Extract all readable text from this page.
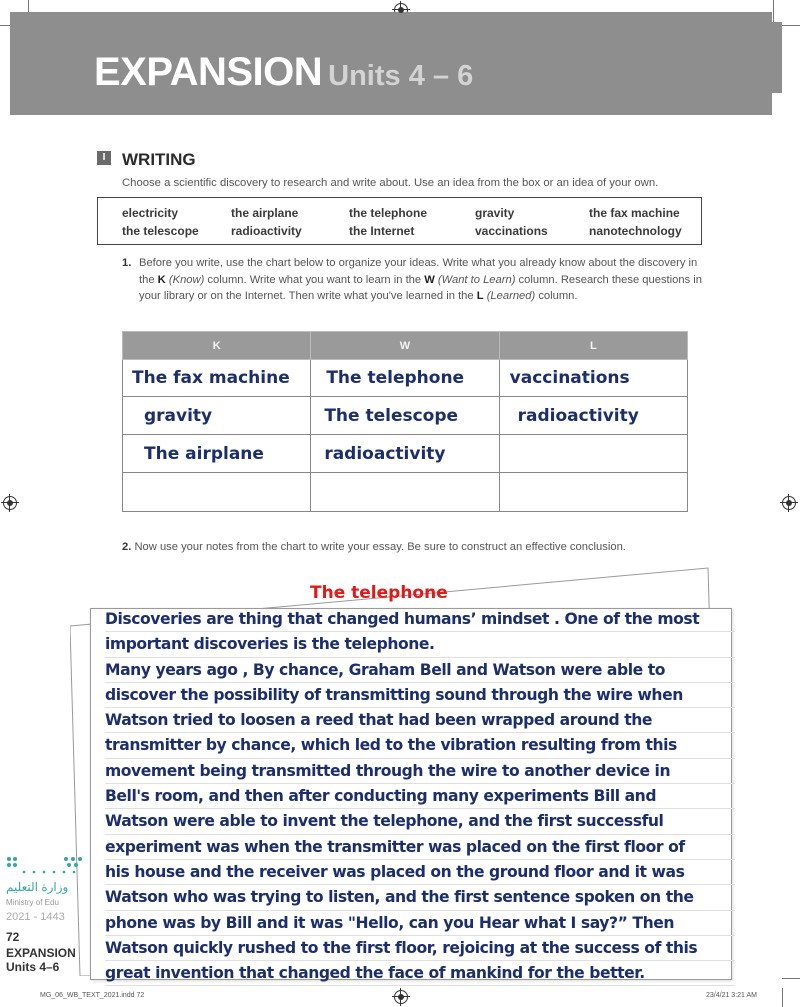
EXPANSION Units 4 – 6
I WRITING
Choose a scientific discovery to research and write about. Use an idea from the box or an idea of your own.
electricity	the airplane	the telephone	gravity	the fax machine
the telescope	radioactivity	the Internet	vaccinations	nanotechnology
1. Before you write, use the chart below to organize your ideas. Write what you already know about the discovery in the K (Know) column. Write what you want to learn in the W (Want to Learn) column. Research these questions in your library or on the Internet. Then write what you've learned in the L (Learned) column.
K	W	L
The fax machine	The telephone	vaccinations
gravity	The telescope	radioactivity
The airplane	radioactivity	

2. Now use your notes from the chart to write your essay. Be sure to construct an effective conclusion.
The telephone
Discoveries are thing that changed humans’ mindset . One of the most
important discoveries is the telephone.
Many years ago , By chance, Graham Bell and Watson were able to
discover the possibility of transmitting sound through the wire when
Watson tried to loosen a reed that had been wrapped around the
transmitter by chance, which led to the vibration resulting from this
movement being transmitted through the wire to another device in
Bell's room, and then after conducting many experiments Bill and
Watson were able to invent the telephone, and the first successful
experiment was when the transmitter was placed on the first floor of
his house and the receiver was placed on the ground floor and it was
Watson who was trying to listen, and the first sentence spoken on the
phone was by Bill and it was "Hello, can you Hear what I say?” Then
Watson quickly rushed to the first floor, rejoicing at the success of this
great invention that changed the face of mankind for the better.
وزارة التعليم
Ministry of Edu
2021 - 1443
72
EXPANSION Units 4–6
MG_06_WB_TEXT_2021.indd 72	23/4/21 3:21 AM
